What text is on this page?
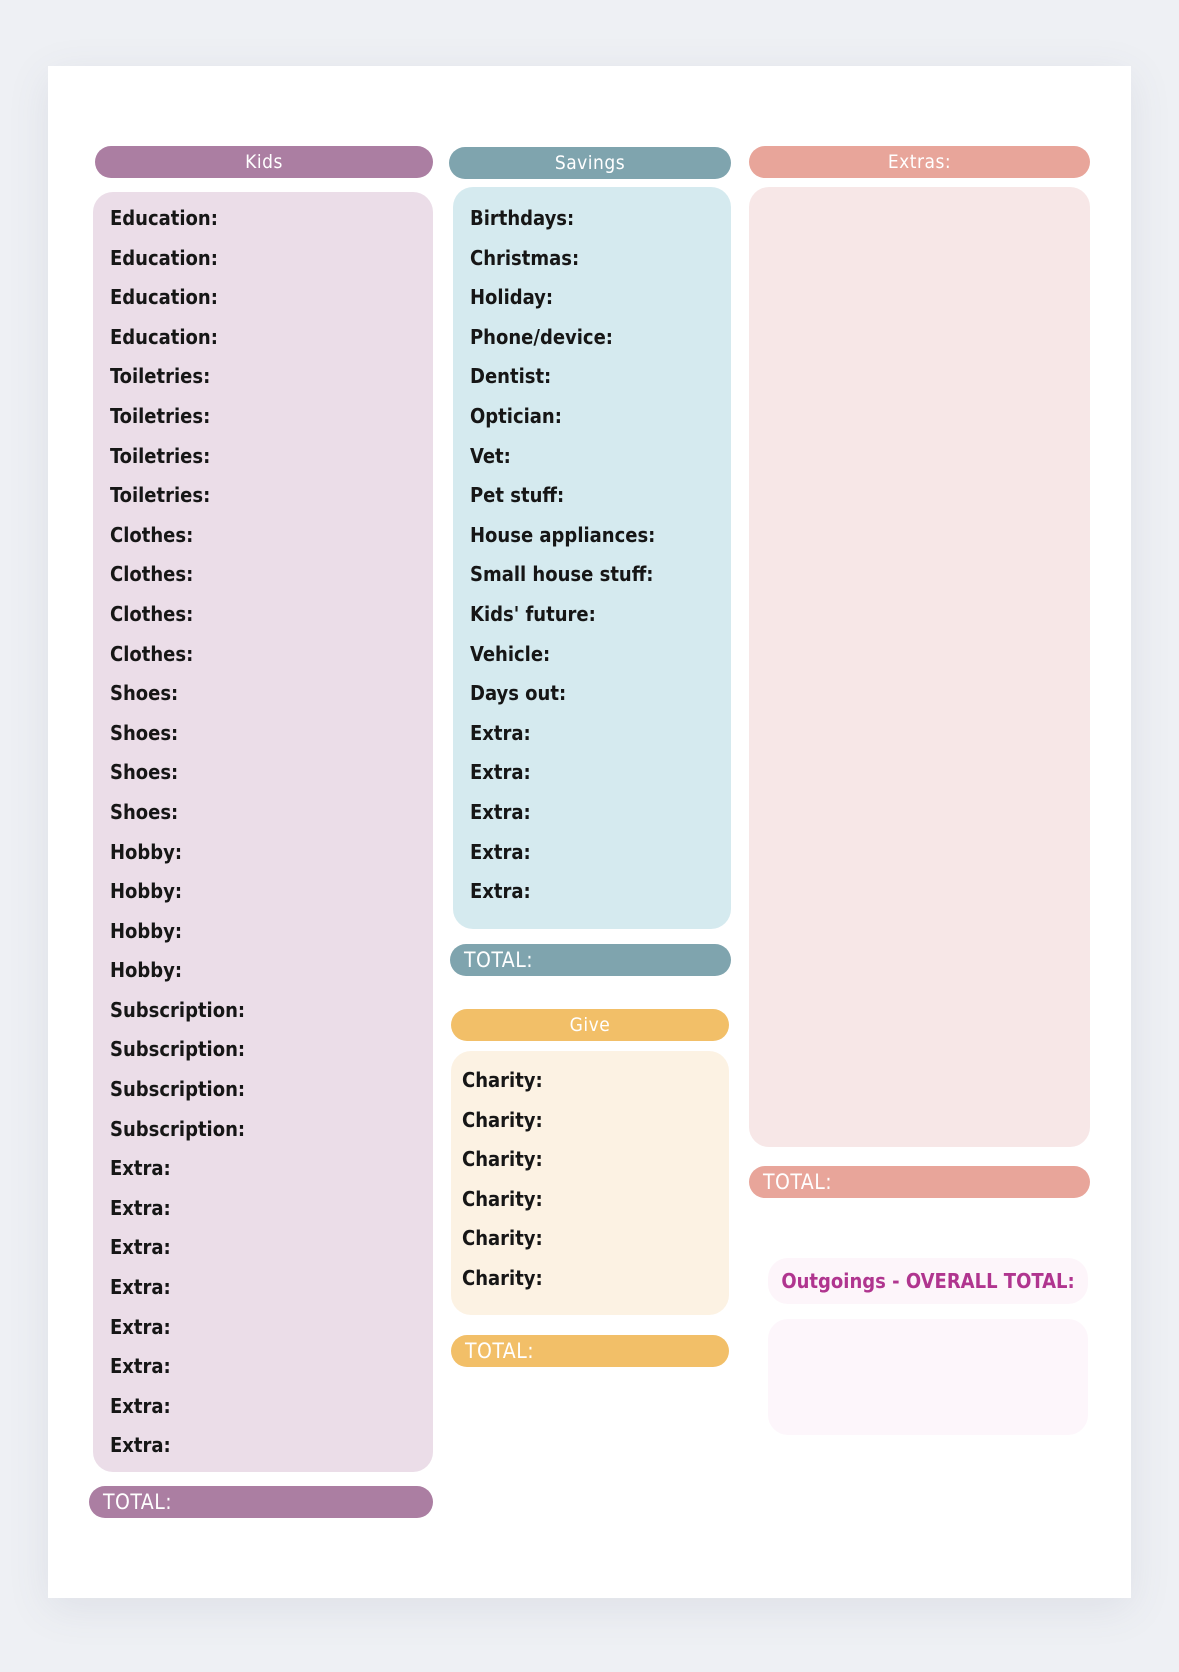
Kids
Education:
Education:
Education:
Education:
Toiletries:
Toiletries:
Toiletries:
Toiletries:
Clothes:
Clothes:
Clothes:
Clothes:
Shoes:
Shoes:
Shoes:
Shoes:
Hobby:
Hobby:
Hobby:
Hobby:
Subscription:
Subscription:
Subscription:
Subscription:
Extra:
Extra:
Extra:
Extra:
Extra:
Extra:
Extra:
Extra:
TOTAL:
Savings
Birthdays:
Christmas:
Holiday:
Phone/device:
Dentist:
Optician:
Vet:
Pet stuff:
House appliances:
Small house stuff:
Kids' future:
Vehicle:
Days out:
Extra:
Extra:
Extra:
Extra:
Extra:
TOTAL:
Give
Charity:
Charity:
Charity:
Charity:
Charity:
Charity:
TOTAL:
Extras:
TOTAL:
Outgoings - OVERALL TOTAL:
